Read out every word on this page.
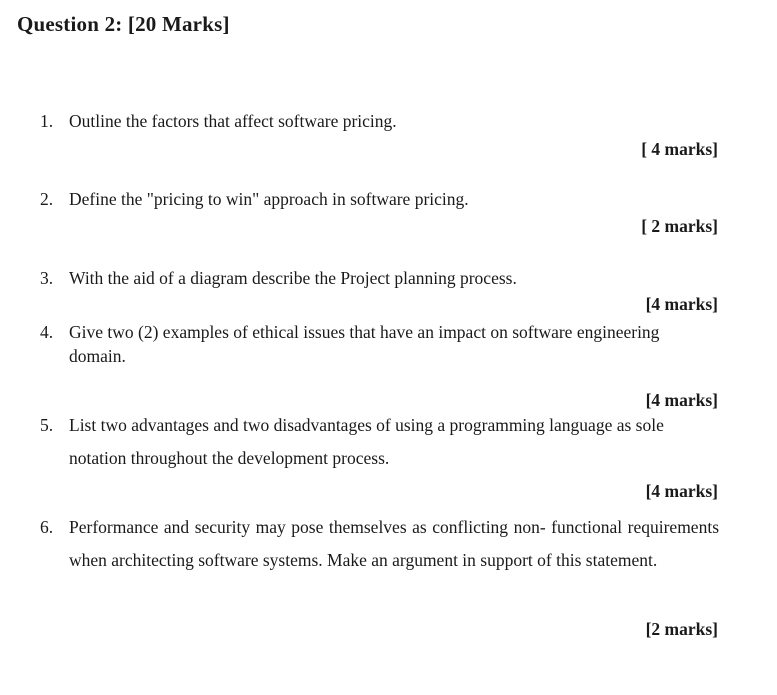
Question 2: [20 Marks]
1. Outline the factors that affect software pricing.
[ 4 marks]
2. Define the "pricing to win" approach in software pricing.
[ 2 marks]
3. With the aid of a diagram describe the Project planning process.
[4 marks]
4. Give two (2) examples of ethical issues that have an impact on software engineering domain.
[4 marks]
5. List two advantages and two disadvantages of using a programming language as sole notation throughout the development process.
[4 marks]
6. Performance and security may pose themselves as conflicting non- functional requirements when architecting software systems. Make an argument in support of this statement.
[2 marks]
